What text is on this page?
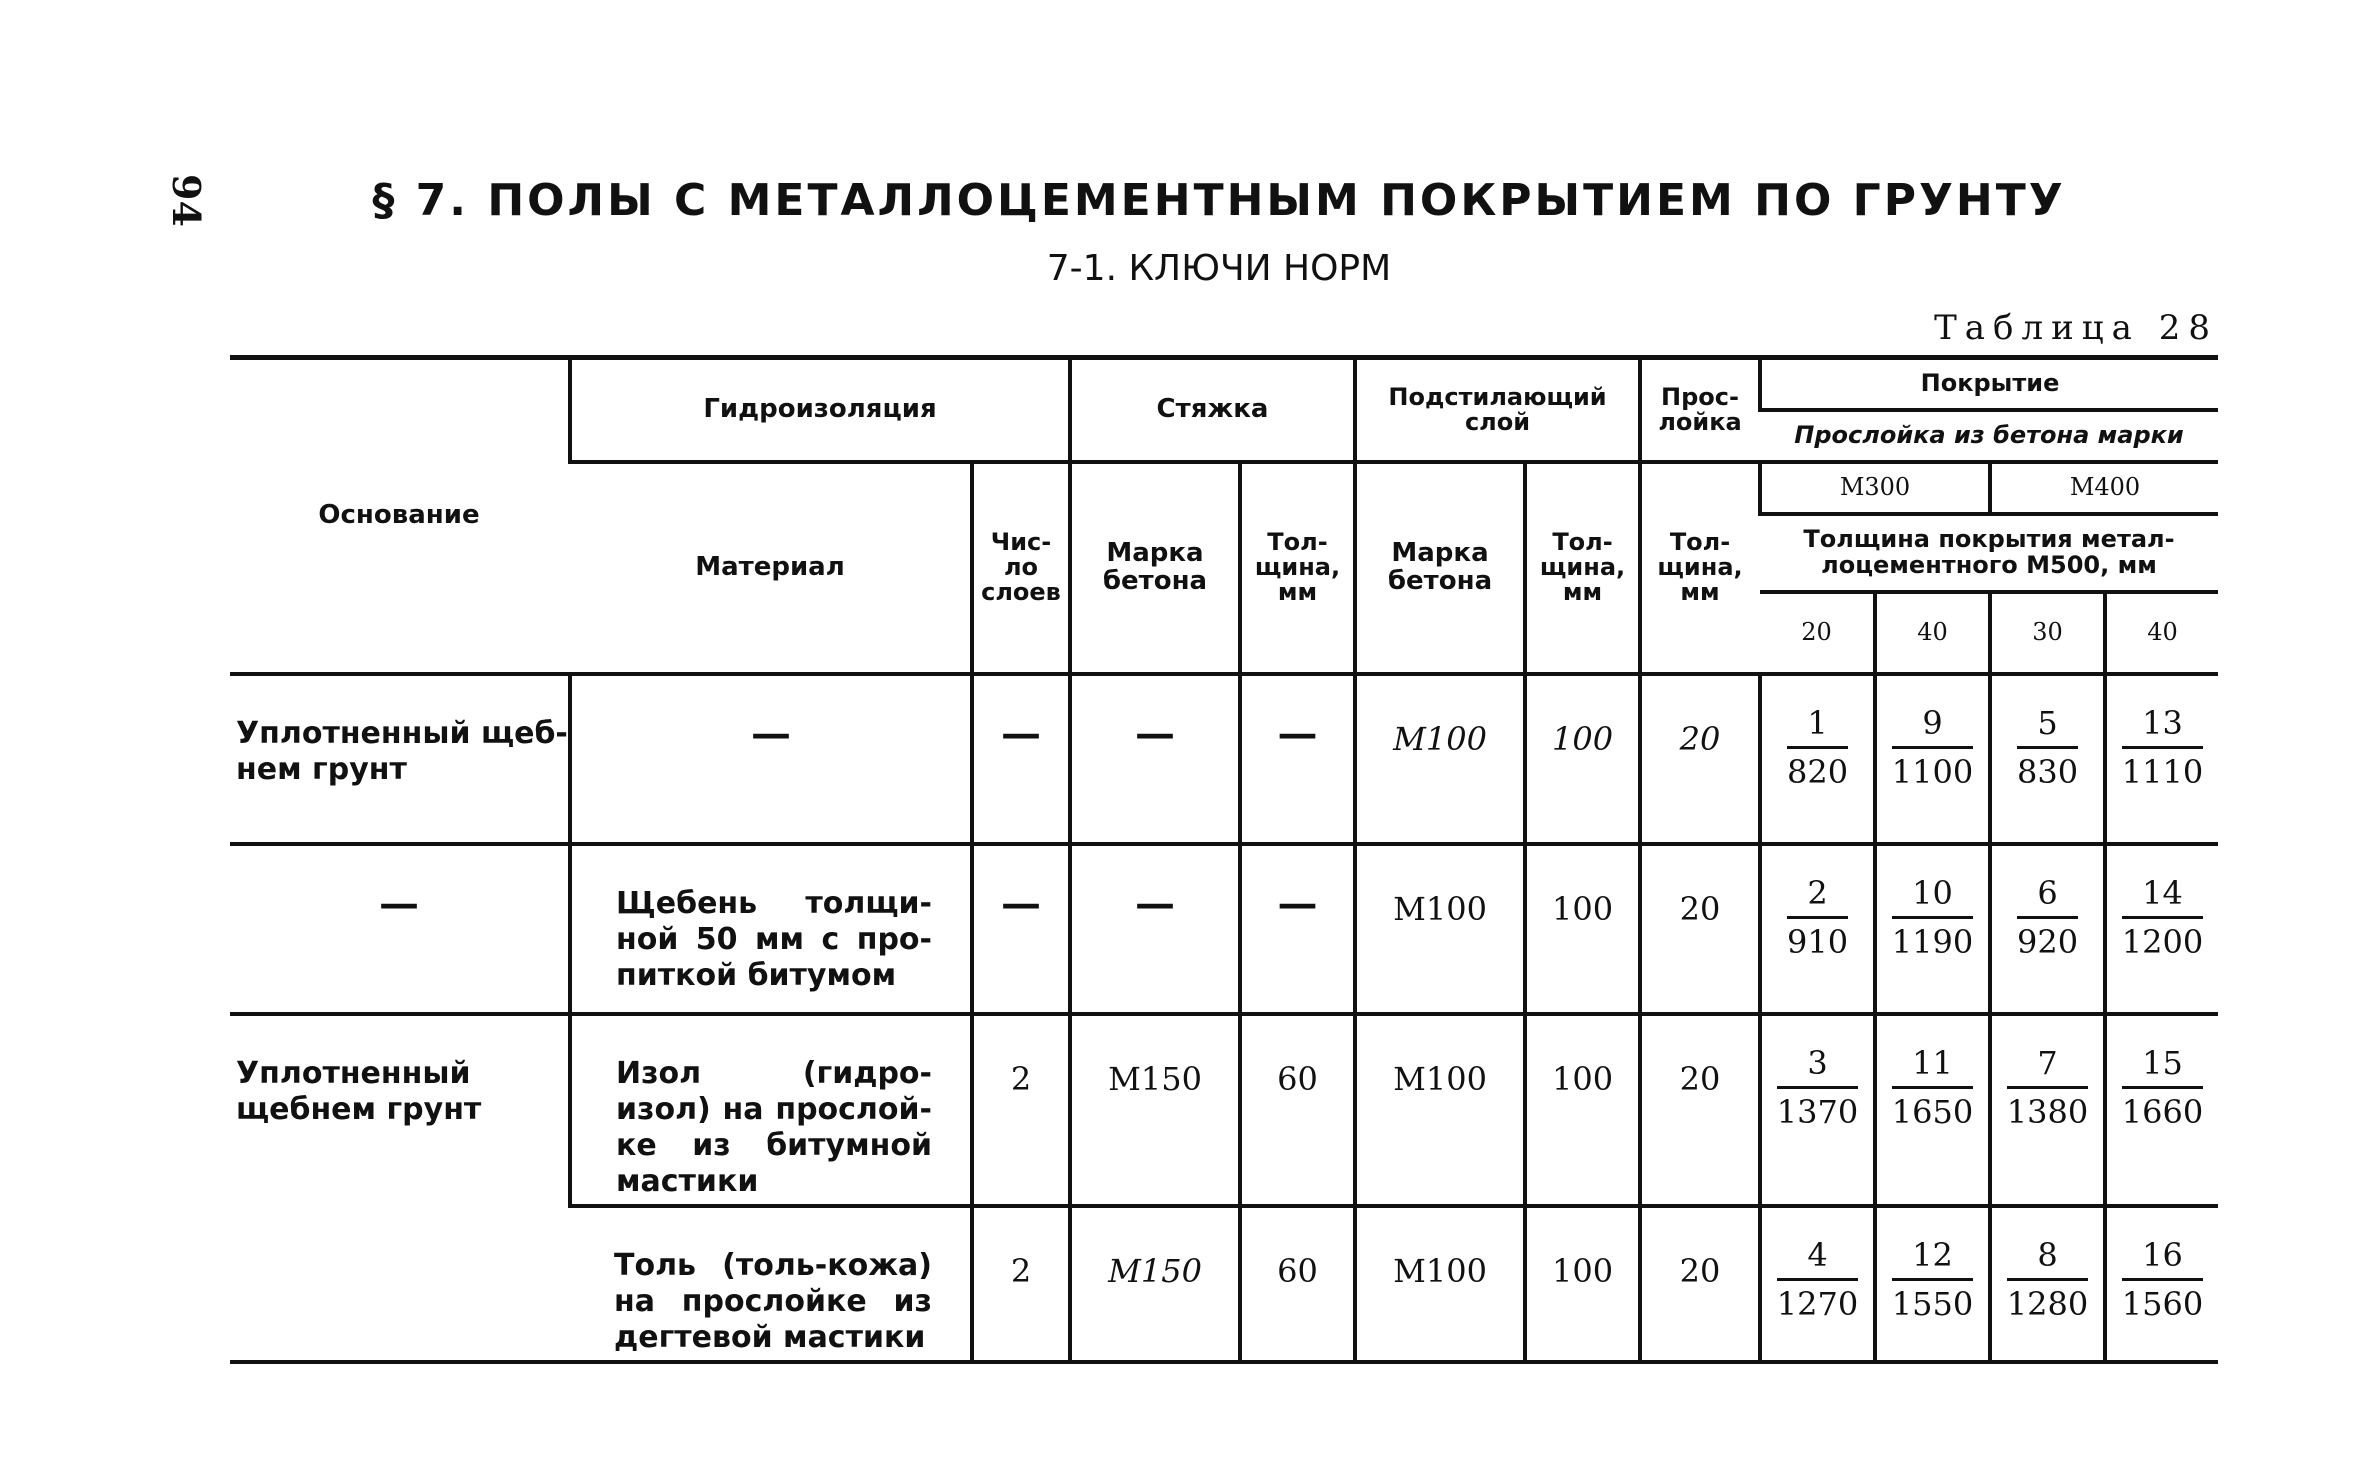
94	§ 7. ПОЛЫ С МЕТАЛЛОЦЕМЕНТНЫМ ПОКРЫТИЕМ ПО ГРУНТУ
7-1. КЛЮЧИ НОРМ
Таблица 28
Основание	Гидроизоляция		Стяжка		Подстилающий слой		Прос-лойка	Покрытие			
								Прослойка из бетона марки			
	Материал	Чис-ло слоев	Марка бетона	Тол-щина, мм	Марка бетона	Тол-щина, мм	Тол-щина, мм	М300		М400	
								Толщина покрытия метал-лоцементного М500, мм			
								20	40	30	40
Уплотненный щеб-нем грунт	—	—	—	—	М100	100	20	$\frac{1}{820}$	$\frac{9}{1100}$	$\frac{5}{830}$	$\frac{13}{1110}$

—	Щебень толщи-ной 50 мм с про-питкой битумом	—	—	—	М100	100	20	$\frac{2}{910}$	$\frac{10}{1190}$	$\frac{6}{920}$	$\frac{14}{1200}$

Уплотненный щебнем грунт	Изол (гидро-изол) на прослой-ке из битумной мастики	2	М150	60	М100	100	20	$\frac{3}{1370}$	$\frac{11}{1650}$	$\frac{7}{1380}$	$\frac{15}{1660}$

	Толь (толь-кожа) на прослойке из дегтевой мастики	2	М150	60	М100	100	20	$\frac{4}{1270}$	$\frac{12}{1550}$	$\frac{8}{1280}$	$\frac{16}{1560}$
